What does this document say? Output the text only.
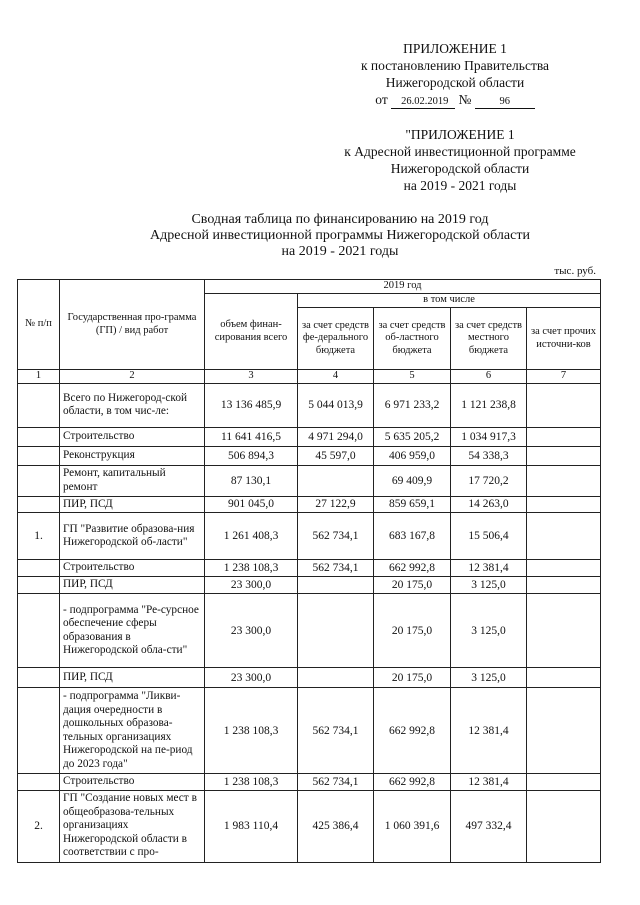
ПРИЛОЖЕНИЕ 1
к постановлению Правительства
Нижегородской области
от 26.02.2019 №	96
"ПРИЛОЖЕНИЕ 1
к Адресной инвестиционной программе
Нижегородской области
на 2019 - 2021 годы
Сводная таблица по финансированию на 2019 год
Адресной инвестиционной программы Нижегородской области
на 2019 - 2021 годы
тыс. руб.
№ п/п	Государственная про-грамма (ГП) / вид работ	2019 год				
		объем финан-сирования всего	в том числе			
			за счет средств фе-дерального бюджета	за счет средств об-ластного бюджета	за счет средств местного бюджета	за счет прочих источни-ков
1	2	3	4	5	6	7
	Всего по Нижегород-ской области, в том чис-ле:	13 136 485,9	5 044 013,9	6 971 233,2	1 121 238,8	
	Строительство	11 641 416,5	4 971 294,0	5 635 205,2	1 034 917,3	
	Реконструкция	506 894,3	45 597,0	406 959,0	54 338,3	
	Ремонт, капитальный ремонт	87 130,1		69 409,9	17 720,2	
	ПИР, ПСД	901 045,0	27 122,9	859 659,1	14 263,0	
1.	ГП "Развитие образова-ния Нижегородской об-ласти"	1 261 408,3	562 734,1	683 167,8	15 506,4	
	Строительство	1 238 108,3	562 734,1	662 992,8	12 381,4	
	ПИР, ПСД	23 300,0		20 175,0	3 125,0	
	- подпрограмма "Ре-сурсное обеспечение сферы образования в Нижегородской обла-сти"	23 300,0		20 175,0	3 125,0	
	ПИР, ПСД	23 300,0		20 175,0	3 125,0	
	- подпрограмма "Ликви-дация очередности в дошкольных образова-тельных организациях Нижегородской на пе-риод до 2023 года"	1 238 108,3	562 734,1	662 992,8	12 381,4	
	Строительство	1 238 108,3	562 734,1	662 992,8	12 381,4	
2.	ГП "Создание новых мест в общеобразова-тельных организациях Нижегородской области в соответствии с про-	1 983 110,4	425 386,4	1 060 391,6	497 332,4	
